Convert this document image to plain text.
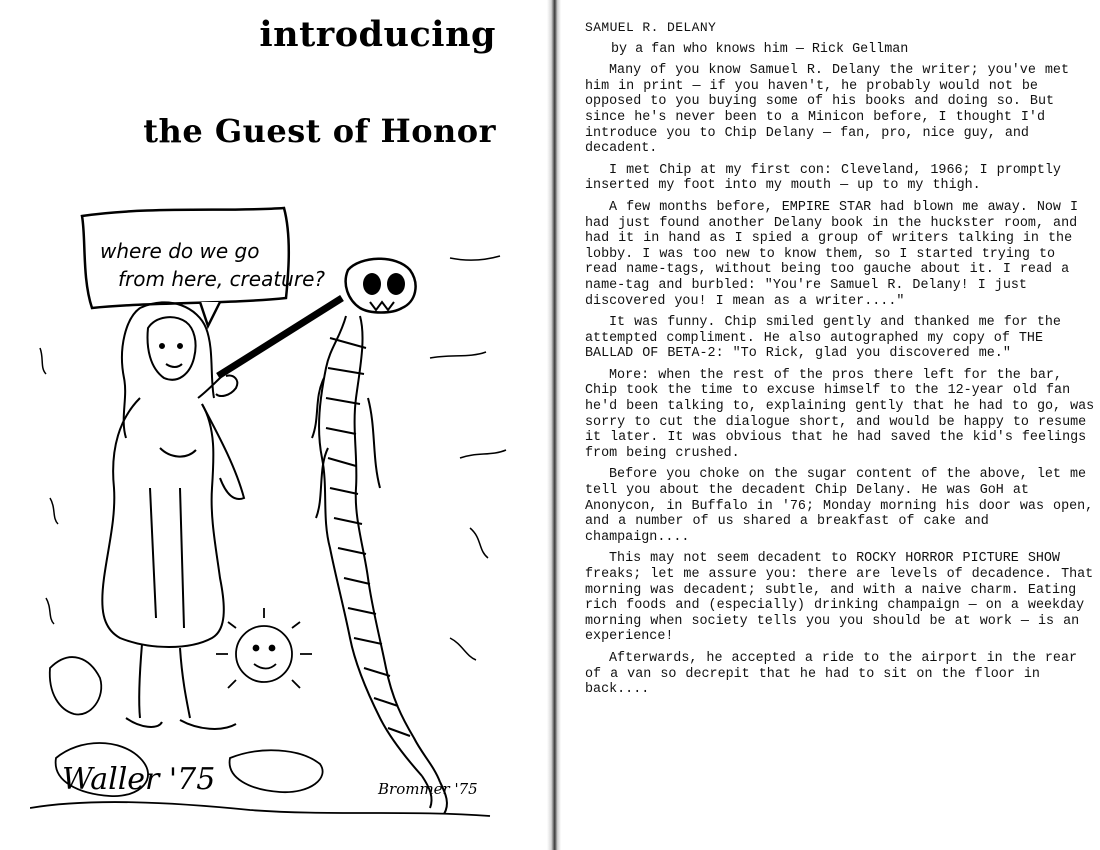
introducing
the Guest of Honor
where do we go
from here, creature?
Waller '75	Brommer '75

SAMUEL R. DELANY

by a fan who knows him — Rick Gellman

Many of you know Samuel R. Delany the writer; you've met him in print — if you haven't, he probably would not be opposed to you buying some of his books and doing so. But since he's never been to a Minicon before, I thought I'd introduce you to Chip Delany — fan, pro, nice guy, and decadent.

I met Chip at my first con: Cleveland, 1966; I promptly inserted my foot into my mouth — up to my thigh.

A few months before, EMPIRE STAR had blown me away. Now I had just found another Delany book in the huckster room, and had it in hand as I spied a group of writers talking in the lobby. I was too new to know them, so I started trying to read name-tags, without being too gauche about it. I read a name-tag and burbled: "You're Samuel R. Delany! I just discovered you! I mean as a writer...."

It was funny. Chip smiled gently and thanked me for the attempted compliment. He also autographed my copy of THE BALLAD OF BETA-2: "To Rick, glad you discovered me."

More: when the rest of the pros there left for the bar, Chip took the time to excuse himself to the 12-year old fan he'd been talking to, explaining gently that he had to go, was sorry to cut the dialogue short, and would be happy to resume it later. It was obvious that he had saved the kid's feelings from being crushed.

Before you choke on the sugar content of the above, let me tell you about the decadent Chip Delany. He was GoH at Anonycon, in Buffalo in '76; Monday morning his door was open, and a number of us shared a breakfast of cake and champaign....

This may not seem decadent to ROCKY HORROR PICTURE SHOW freaks; let me assure you: there are levels of decadence. That morning was decadent; subtle, and with a naive charm. Eating rich foods and (especially) drinking champaign — on a weekday morning when society tells you you should be at work — is an experience!

Afterwards, he accepted a ride to the airport in the rear of a van so decrepit that he had to sit on the floor in back....
